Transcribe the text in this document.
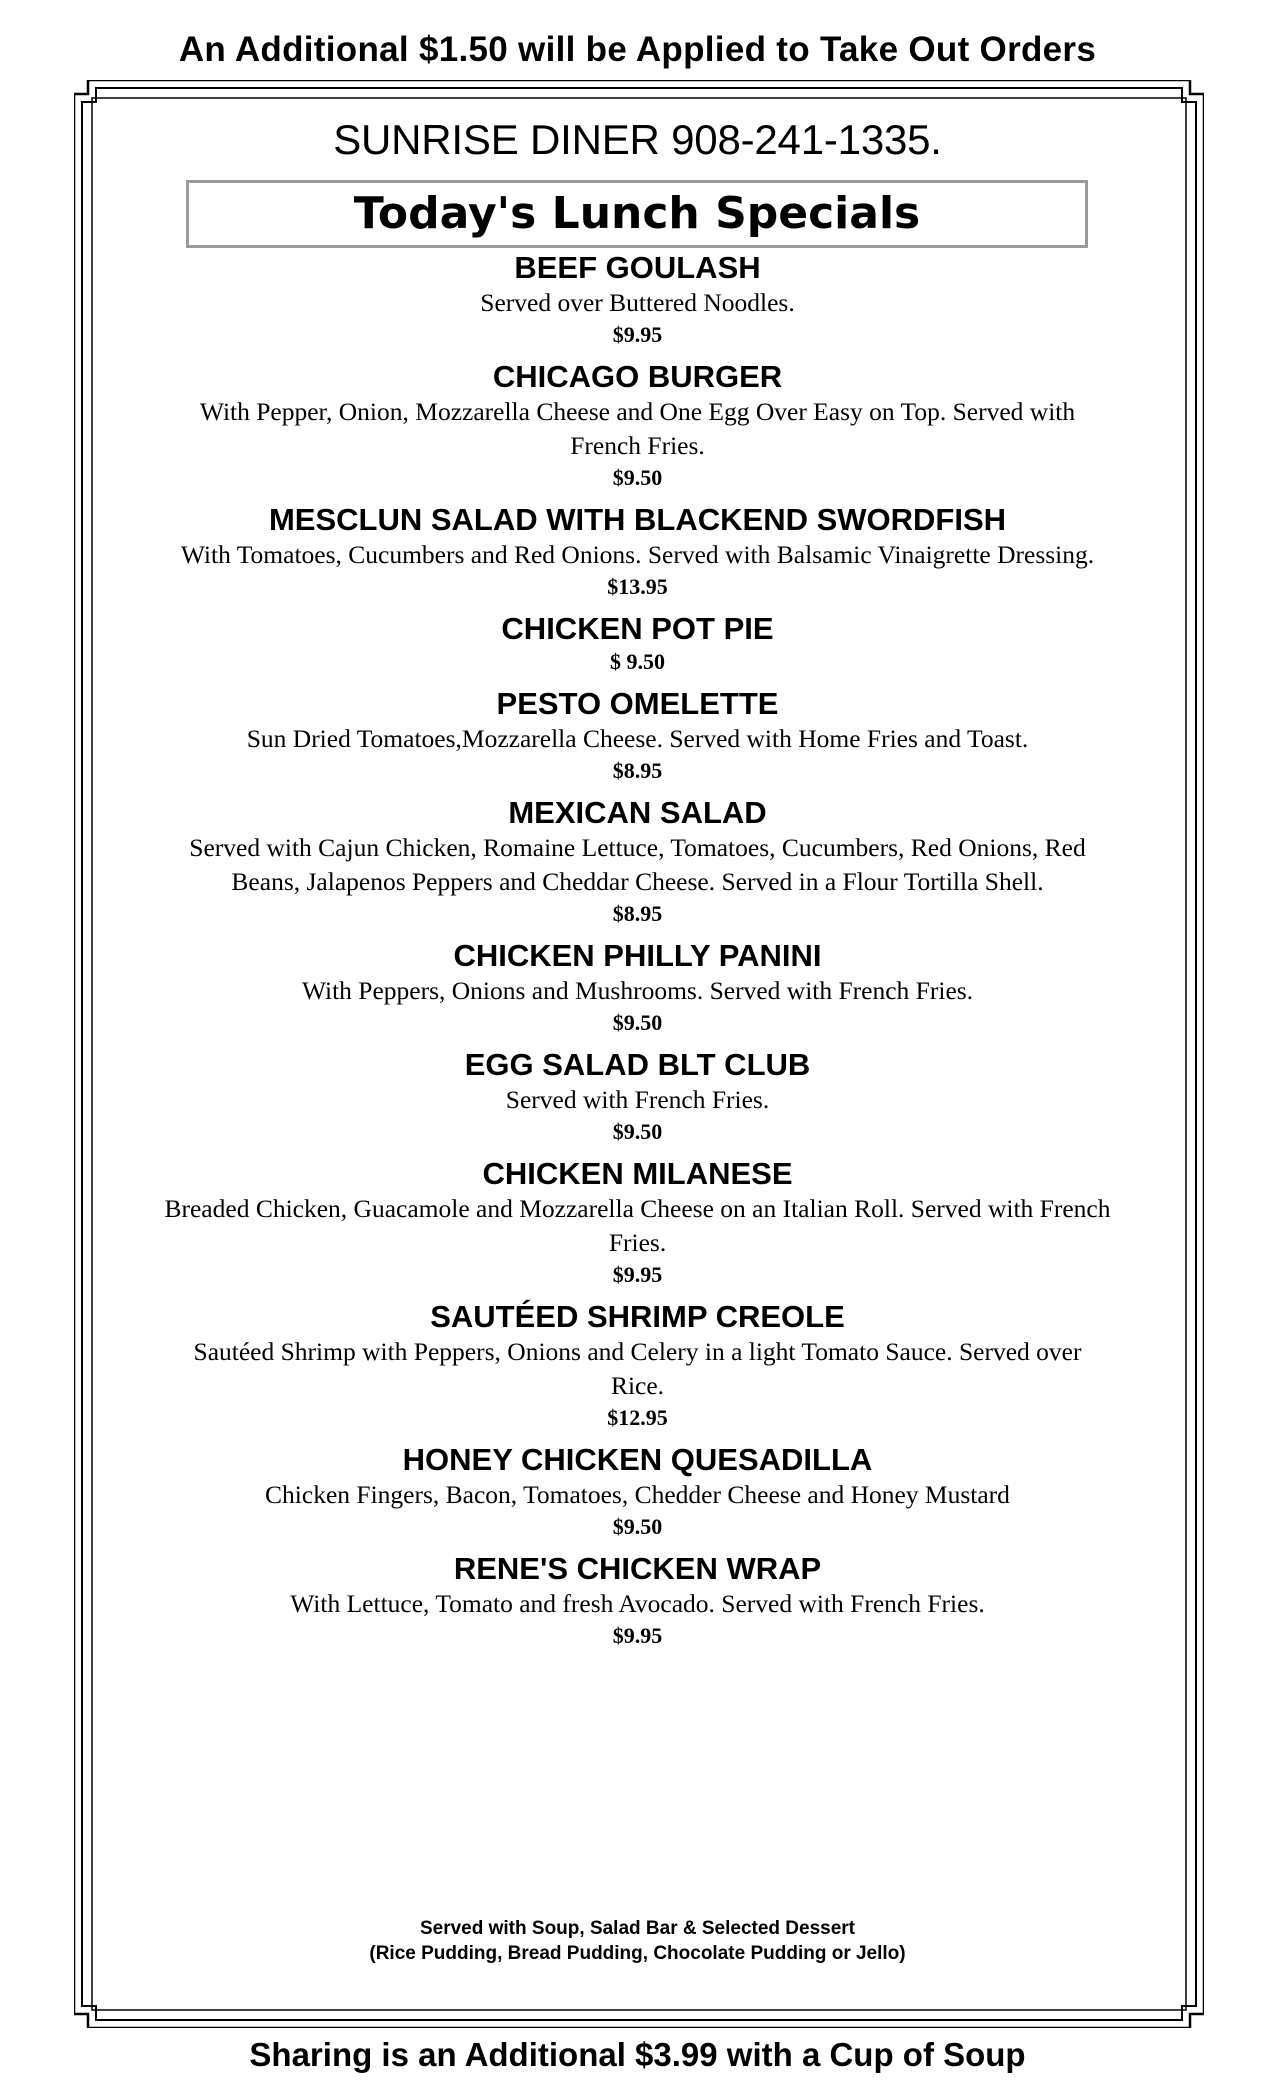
An Additional $1.50 will be Applied to Take Out Orders
SUNRISE DINER 908-241-1335.
Today's Lunch Specials
BEEF GOULASH
Served over Buttered Noodles.
$9.95
CHICAGO BURGER
With Pepper, Onion, Mozzarella Cheese and One Egg Over Easy on Top. Served with French Fries.
$9.50
MESCLUN SALAD WITH BLACKEND SWORDFISH
With Tomatoes, Cucumbers and Red Onions. Served with Balsamic Vinaigrette Dressing.
$13.95
CHICKEN POT PIE
$ 9.50
PESTO OMELETTE
Sun Dried Tomatoes,Mozzarella Cheese. Served with Home Fries and Toast.
$8.95
MEXICAN SALAD
Served with Cajun Chicken, Romaine Lettuce, Tomatoes, Cucumbers, Red Onions, Red Beans, Jalapenos Peppers and Cheddar Cheese. Served in a Flour Tortilla Shell.
$8.95
CHICKEN PHILLY PANINI
With Peppers, Onions and Mushrooms. Served with French Fries.
$9.50
EGG SALAD BLT CLUB
Served with French Fries.
$9.50
CHICKEN MILANESE
Breaded Chicken, Guacamole and Mozzarella Cheese on an Italian Roll. Served with French Fries.
$9.95
SAUTÉED SHRIMP CREOLE
Sautéed Shrimp with Peppers, Onions and Celery in a light Tomato Sauce. Served over Rice.
$12.95
HONEY CHICKEN QUESADILLA
Chicken Fingers, Bacon, Tomatoes, Chedder Cheese and Honey Mustard
$9.50
RENE'S CHICKEN WRAP
With Lettuce, Tomato and fresh Avocado. Served with French Fries.
$9.95
Served with Soup, Salad Bar & Selected Dessert
(Rice Pudding, Bread Pudding, Chocolate Pudding or Jello)
Sharing is an Additional $3.99 with a Cup of Soup
